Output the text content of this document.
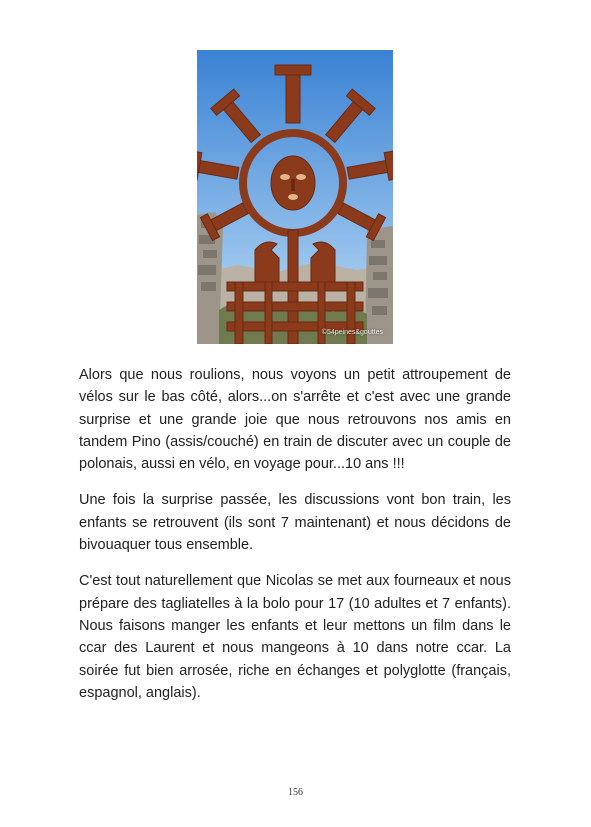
©54peines&gouttes

Alors que nous roulions, nous voyons un petit attroupement de vélos sur le bas côté, alors...on s'arrête et c'est avec une grande surprise et une grande joie que nous retrouvons nos amis en tandem Pino (assis/couché) en train de discuter avec un couple de polonais, aussi en vélo, en voyage pour...10 ans !!!

Une fois la surprise passée, les discussions vont bon train, les enfants se retrouvent (ils sont 7 maintenant) et nous décidons de bivouaquer tous ensemble.

C'est tout naturellement que Nicolas se met aux fourneaux et nous prépare des tagliatelles à la bolo pour 17 (10 adultes et 7 enfants). Nous faisons manger les enfants et leur mettons un film dans le ccar des Laurent et nous mangeons à 10 dans notre ccar. La soirée fut bien arrosée, riche en échanges et polyglotte (français, espagnol, anglais).

156
